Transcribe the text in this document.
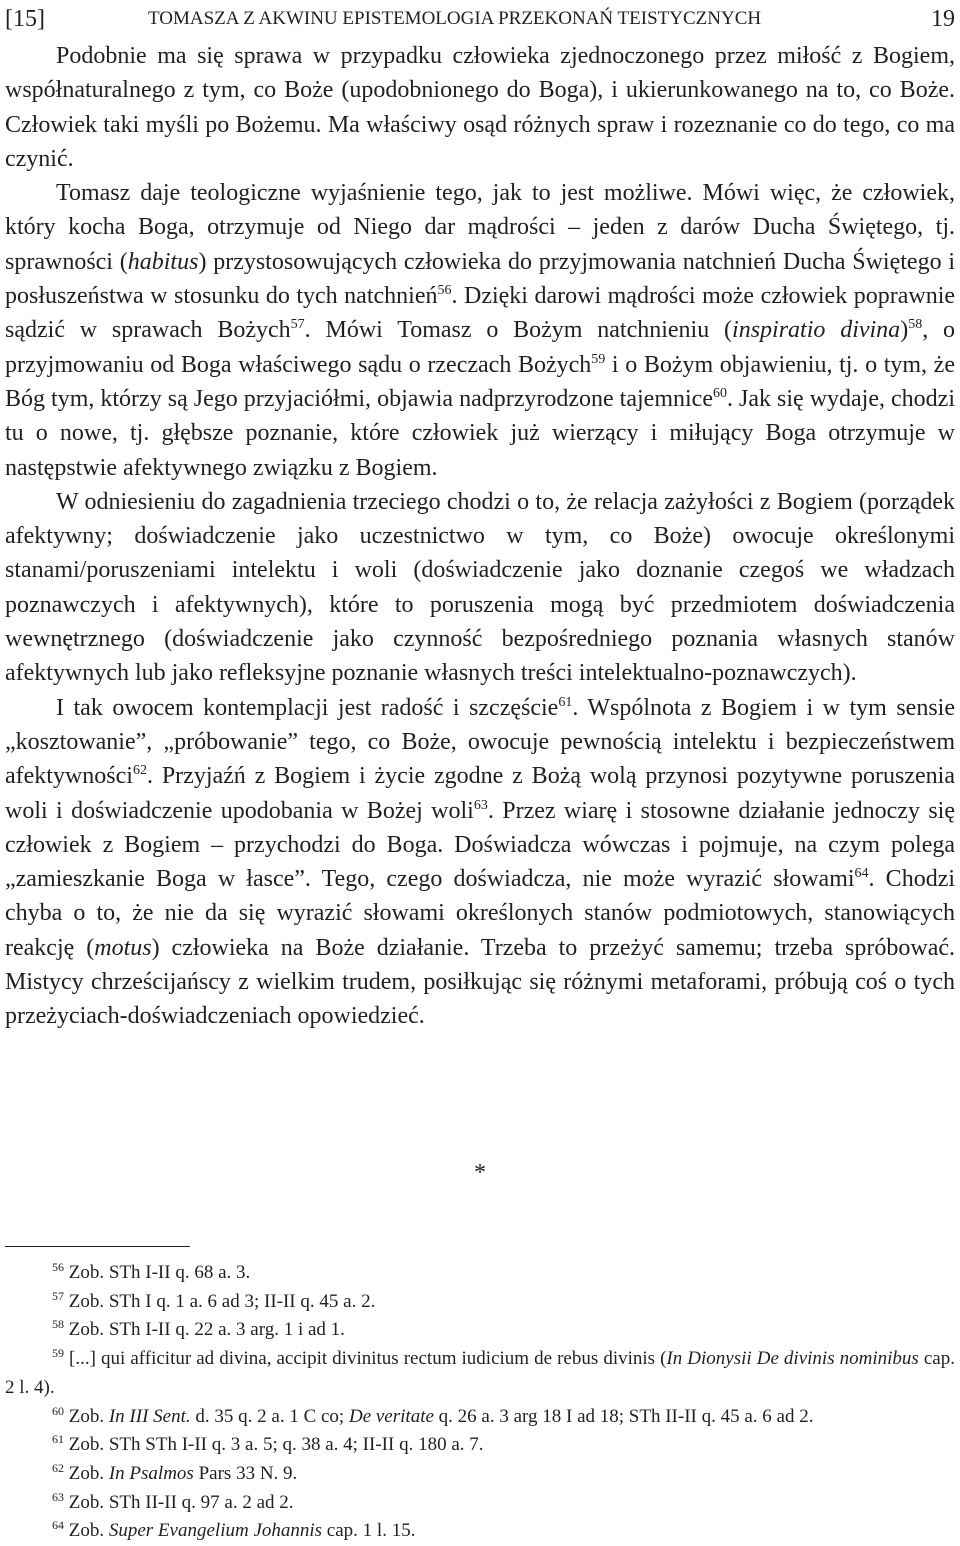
[15]	TOMASZA Z AKWINU EPISTEMOLOGIA PRZEKONAŃ TEISTYCZNYCH	19

Podobnie ma się sprawa w przypadku człowieka zjednoczonego przez miłość z Bogiem, współnaturalnego z tym, co Boże (upodobnionego do Boga), i ukierunkowanego na to, co Boże. Człowiek taki myśli po Bożemu. Ma właściwy osąd różnych spraw i rozeznanie co do tego, co ma czynić.

Tomasz daje teologiczne wyjaśnienie tego, jak to jest możliwe. Mówi więc, że człowiek, który kocha Boga, otrzymuje od Niego dar mądrości – jeden z darów Ducha Świętego, tj. sprawności (habitus) przystosowujących człowieka do przyjmowania natchnień Ducha Świętego i posłuszeństwa w stosunku do tych natchnień$^{56}$. Dzięki darowi mądrości może człowiek poprawnie sądzić w sprawach Bożych$^{57}$. Mówi Tomasz o Bożym natchnieniu (inspiratio divina)$^{58}$, o przyjmowaniu od Boga właściwego sądu o rzeczach Bożych$^{59}$ i o Bożym objawieniu, tj. o tym, że Bóg tym, którzy są Jego przyjaciółmi, objawia nadprzyrodzone tajemnice$^{60}$. Jak się wydaje, chodzi tu o nowe, tj. głębsze poznanie, które człowiek już wierzący i miłujący Boga otrzymuje w następstwie afektywnego związku z Bogiem.

W odniesieniu do zagadnienia trzeciego chodzi o to, że relacja zażyłości z Bogiem (porządek afektywny; doświadczenie jako uczestnictwo w tym, co Boże) owocuje określonymi stanami/poruszeniami intelektu i woli (doświadczenie jako doznanie czegoś we władzach poznawczych i afektywnych), które to poruszenia mogą być przedmiotem doświadczenia wewnętrznego (doświadczenie jako czynność bezpośredniego poznania własnych stanów afektywnych lub jako refleksyjne poznanie własnych treści intelektualno-poznawczych).

I tak owocem kontemplacji jest radość i szczęście$^{61}$. Wspólnota z Bogiem i w tym sensie „kosztowanie”, „próbowanie” tego, co Boże, owocuje pewnością intelektu i bezpieczeństwem afektywności$^{62}$. Przyjaźń z Bogiem i życie zgodne z Bożą wolą przynosi pozytywne poruszenia woli i doświadczenie upodobania w Bożej woli$^{63}$. Przez wiarę i stosowne działanie jednoczy się człowiek z Bogiem – przychodzi do Boga. Doświadcza wówczas i pojmuje, na czym polega „zamieszkanie Boga w łasce”. Tego, czego doświadcza, nie może wyrazić słowami$^{64}$. Chodzi chyba o to, że nie da się wyrazić słowami określonych stanów podmiotowych, stanowiących reakcję (motus) człowieka na Boże działanie. Trzeba to przeżyć samemu; trzeba spróbować. Mistycy chrześcijańscy z wielkim trudem, posiłkując się różnymi metaforami, próbują coś o tych przeżyciach-doświadczeniach opowiedzieć.

*

$^{56}$ Zob. STh I-II q. 68 a. 3.

$^{57}$ Zob. STh I q. 1 a. 6 ad 3; II-II q. 45 a. 2.

$^{58}$ Zob. STh I-II q. 22 a. 3 arg. 1 i ad 1.

$^{59}$ [...] qui afficitur ad divina, accipit divinitus rectum iudicium de rebus divinis (In Dionysii De divinis nominibus cap. 2 l. 4).

$^{60}$ Zob. In III Sent. d. 35 q. 2 a. 1 C co; De veritate q. 26 a. 3 arg 18 I ad 18; STh II-II q. 45 a. 6 ad 2.

$^{61}$ Zob. STh STh I-II q. 3 a. 5; q. 38 a. 4; II-II q. 180 a. 7.

$^{62}$ Zob. In Psalmos Pars 33 N. 9.

$^{63}$ Zob. STh II-II q. 97 a. 2 ad 2.

$^{64}$ Zob. Super Evangelium Johannis cap. 1 l. 15.
